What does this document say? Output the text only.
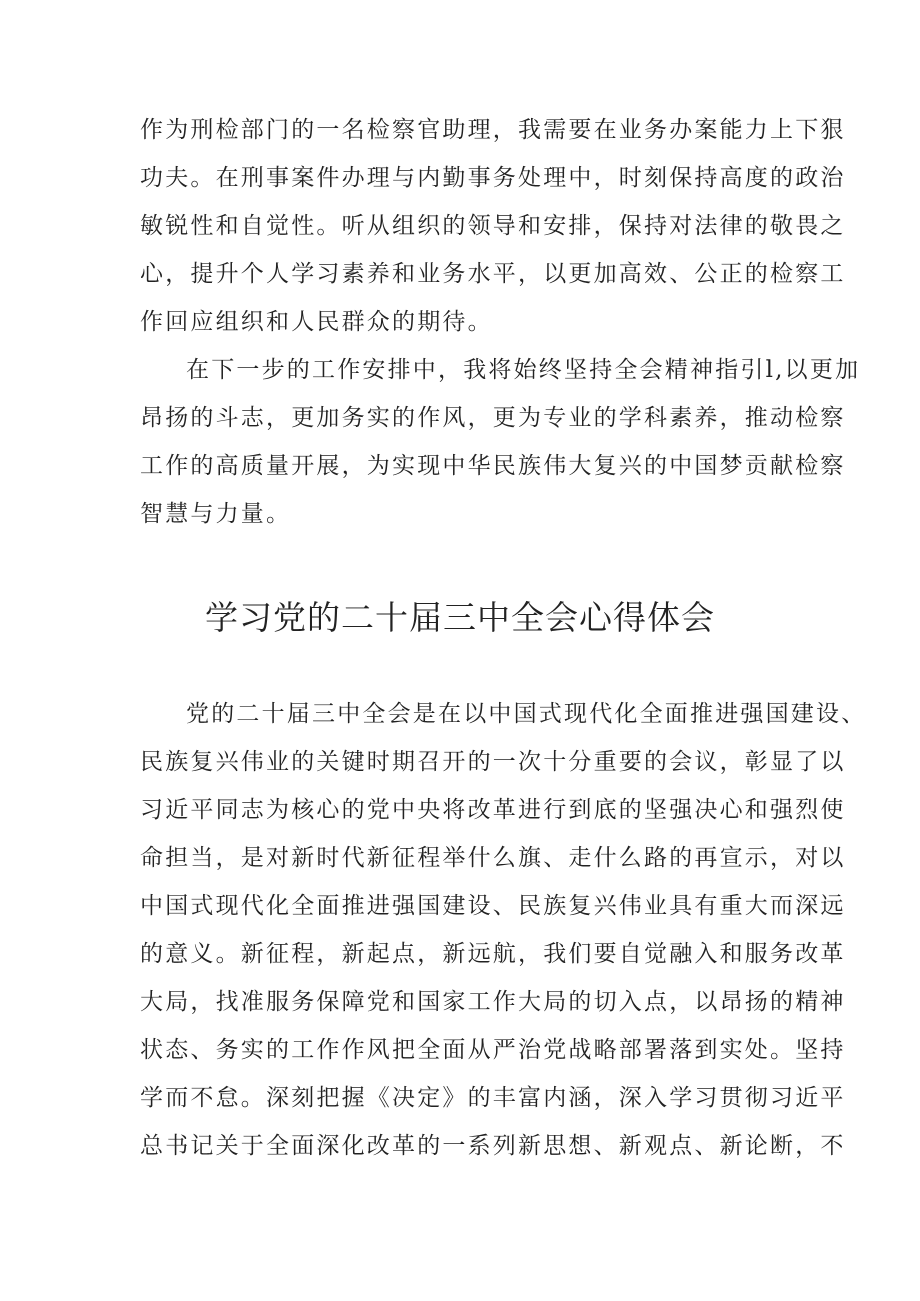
作为刑检部门的一名检察官助理，我需要在业务办案能力上下狠
功夫。在刑事案件办理与内勤事务处理中，时刻保持高度的政治
敏锐性和自觉性。听从组织的领导和安排，保持对法律的敬畏之
心，提升个人学习素养和业务水平，以更加高效、公正的检察工
作回应组织和人民群众的期待。
在下一步的工作安排中，我将始终坚持全会精神指引l,以更加
昂扬的斗志，更加务实的作风，更为专业的学科素养，推动检察
工作的高质量开展，为实现中华民族伟大复兴的中国梦贡献检察
智慧与力量。
学习党的二十届三中全会心得体会
党的二十届三中全会是在以中国式现代化全面推进强国建设、
民族复兴伟业的关键时期召开的一次十分重要的会议，彰显了以
习近平同志为核心的党中央将改革进行到底的坚强决心和强烈使
命担当，是对新时代新征程举什么旗、走什么路的再宣示，对以
中国式现代化全面推进强国建设、民族复兴伟业具有重大而深远
的意义。新征程，新起点，新远航，我们要自觉融入和服务改革
大局，找准服务保障党和国家工作大局的切入点，以昂扬的精神
状态、务实的工作作风把全面从严治党战略部署落到实处。坚持
学而不怠。深刻把握《决定》的丰富内涵，深入学习贯彻习近平
总书记关于全面深化改革的一系列新思想、新观点、新论断，不
